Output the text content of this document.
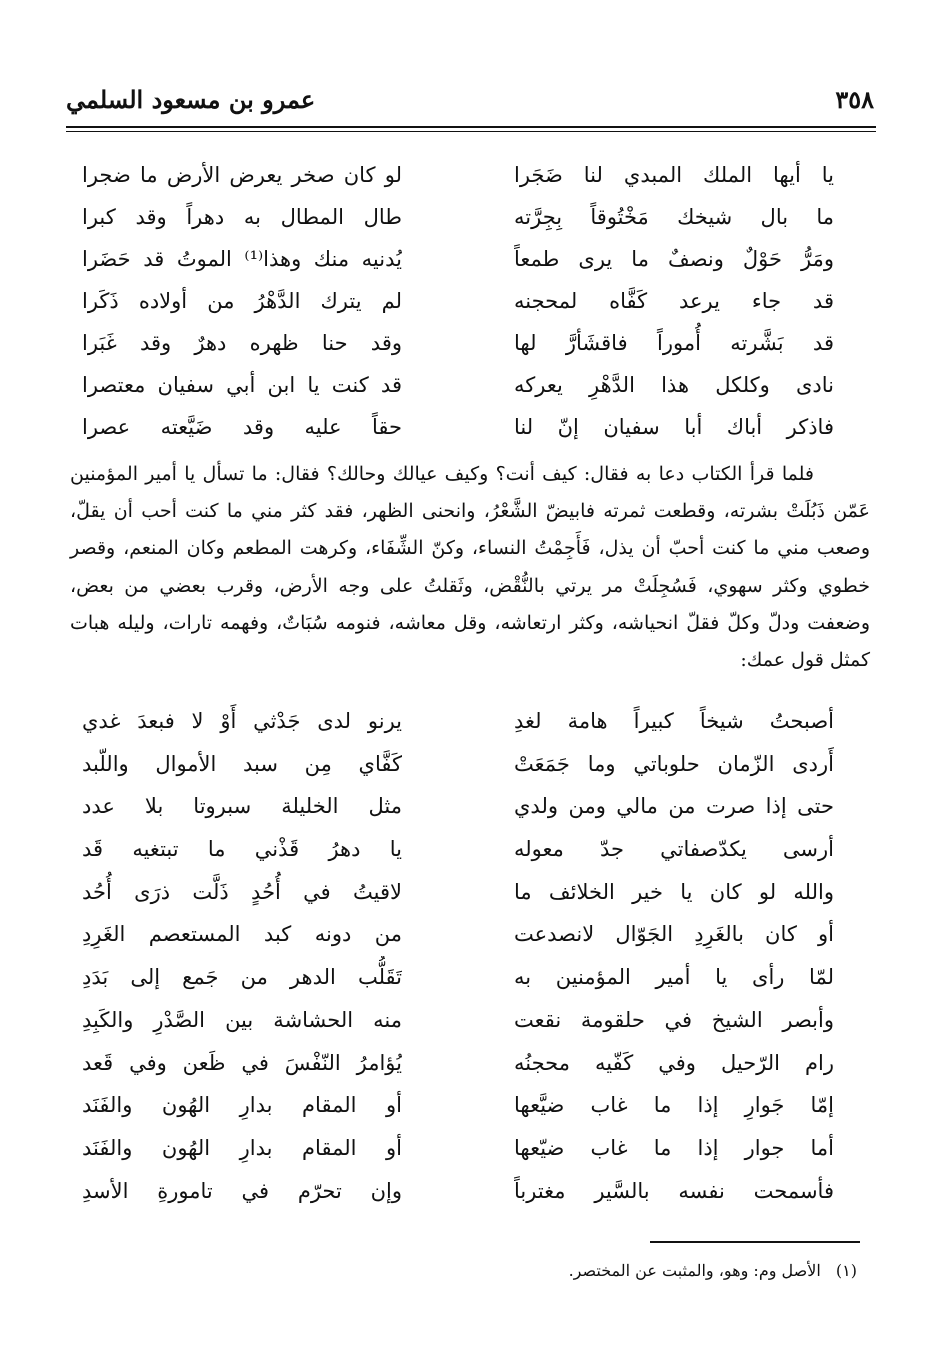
٣٥٨
عمرو بن مسعود السلمي
يا أيها الملك المبدي لنا ضَجَرا
لو كان صخر يعرض الأرض ما ضجرا
ما بال شيخك مَخْتُوقاً بِجِرَّته
طال المطال به دهراً وقد كبرا
ومَرُّ حَوْلٌ ونصفٌ ما يرى طمعاً
يُدنيه منك وهذا⁽¹⁾ الموتُ قد حَضَرا
قد جاء يرعد كَفَّاه لمحجنه
لم يترك الدَّهْرُ من أولاده ذَكَرا
قد بَشَّرته أُموراً فاقشَأرَّ لها
وقد حنا ظهره دهرٌ وقد غَبَرا
نادى وكلكل هذا الدَّهْرِ يعركه
قد كنت يا ابن أبي سفيان معتصرا
فاذكر أباك أبا سفيان إنّ لنا
حقاً عليه وقد ضَيَّعته عصرا

فلما قرأ الكتاب دعا به فقال: كيف أنت؟ وكيف عيالك وحالك؟ فقال: ما تسأل يا أمير المؤمنين عَمّن ذَبُلَتْ بشرته، وقطعت ثمرته فابيضّ الشَّعْرُ، وانحنى الظهر، فقد كثر مني ما كنت أحب أن يقلّ، وصعب مني ما كنت أحبّ أن يذل، فَأَجِمْتُ النساء، وكنّ الشِّفَاء، وكرهت المطعم وكان المنعم، وقصر خطوي وكثر سهوي، فَسُجِلَتْ مر يرتي بالنُّقْض، وثَقلتُ على وجه الأرض، وقرب بعضي من بعض، وضعفت ودلّ وكلّ فقلّ انحياشه، وكثر ارتعاشه، وقل معاشه، فنومه سُبَاتٌ، وفهمه تارات، وليله هبات كمثل قول عمك:

أصبحتُ شيخاً كبيراً هامة لغدِ
يرنو لدى جَدْثي أَوْ لا فبعدَ غدي
أَردى الزّمان حلوباتي وما جَمَعَتْ
كَفَّاي مِن سبد الأموال واللّبد
حتى إذا صرت من مالي ومن ولدي
مثل الخليلة سبروتا بلا عدد
أرسى يكدّصفاتي جدّ معوله
يا دهرُ قَذْني ما تبتغيه قَد
والله لو كان يا خير الخلائف ما
لاقيتُ في أُحُدٍ ذَلَّت ذرَى أُحُد
أو كان بالغَرِدِ الجَوّال لانصدعت
من دونه كبد المستعصم الغَرِدِ
لمّا رأى يا أمير المؤمنين به
تَقَلُّب الدهر من جَمع إلى بَدَدِ
وأبصر الشيخ في حلقومة نقعت
منه الحشاشة بين الصَّدْرِ والكَبِدِ
رام الرّحيل وفي كَفّيه محجنُه
يُؤامرُ النّفْسَ في ظَعن وفي قَعد
إمّا جَوارِ إذا ما غاب ضيَّعها
أو المقام بدارِ الهُون والفَنَد
أما جوار إذا ما غاب ضيّعها
أو المقام بدارِ الهُون والفَنَد
فأسمحت نفسه بالسَّير مغترباً
وإن تحرّم في تامورةِ الأسدِ
(١) الأصل وم: وهو، والمثبت عن المختصر.
